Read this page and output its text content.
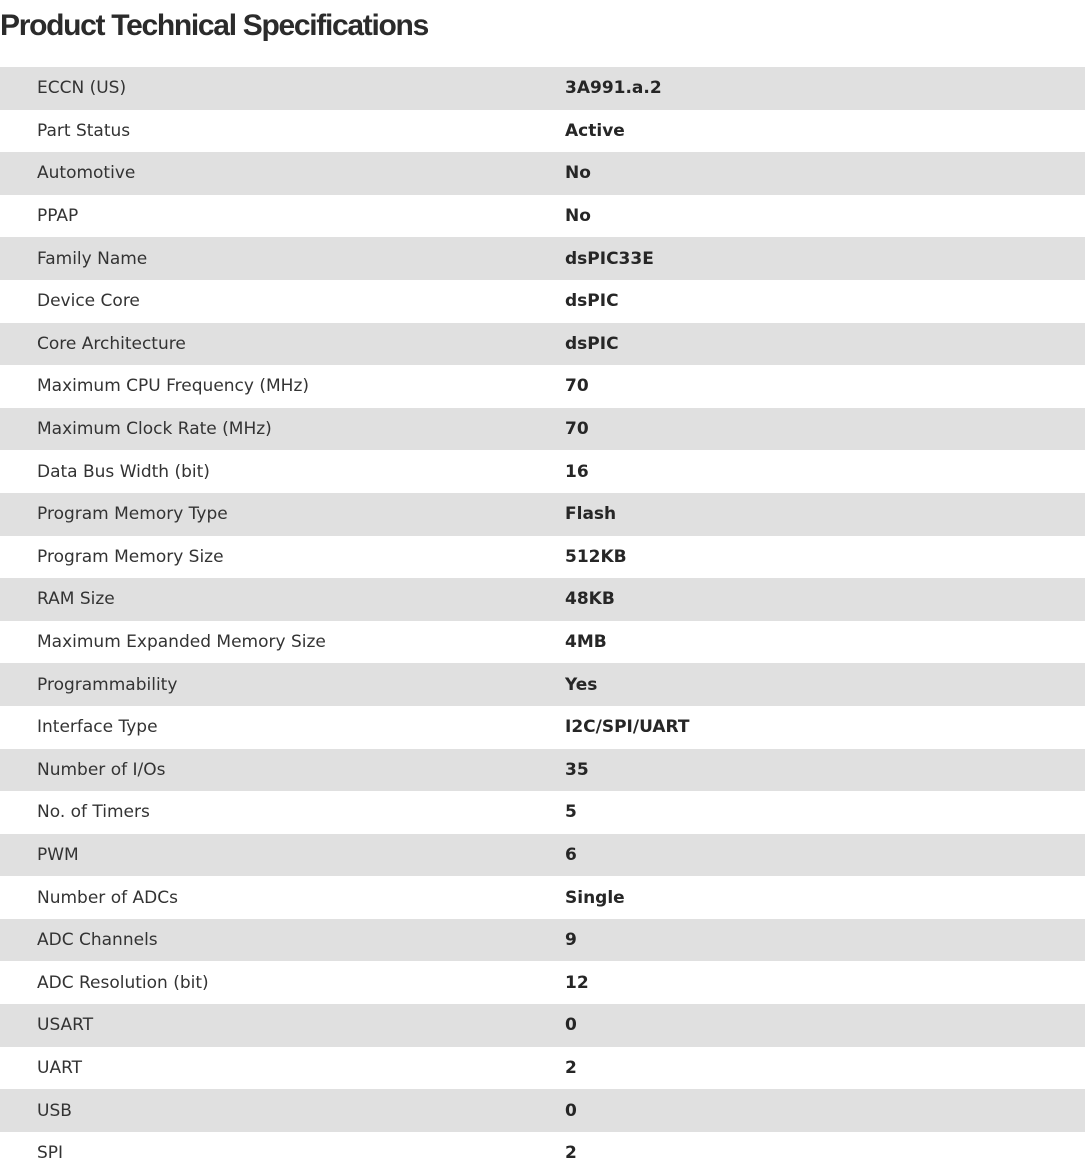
Product Technical Specifications
ECCN (US)	3A991.a.2
Part Status	Active
Automotive	No
PPAP	No
Family Name	dsPIC33E
Device Core	dsPIC
Core Architecture	dsPIC
Maximum CPU Frequency (MHz)	70
Maximum Clock Rate (MHz)	70
Data Bus Width (bit)	16
Program Memory Type	Flash
Program Memory Size	512KB
RAM Size	48KB
Maximum Expanded Memory Size	4MB
Programmability	Yes
Interface Type	I2C/SPI/UART
Number of I/Os	35
No. of Timers	5
PWM	6
Number of ADCs	Single
ADC Channels	9
ADC Resolution (bit)	12
USART	0
UART	2
USB	0
SPI	2
